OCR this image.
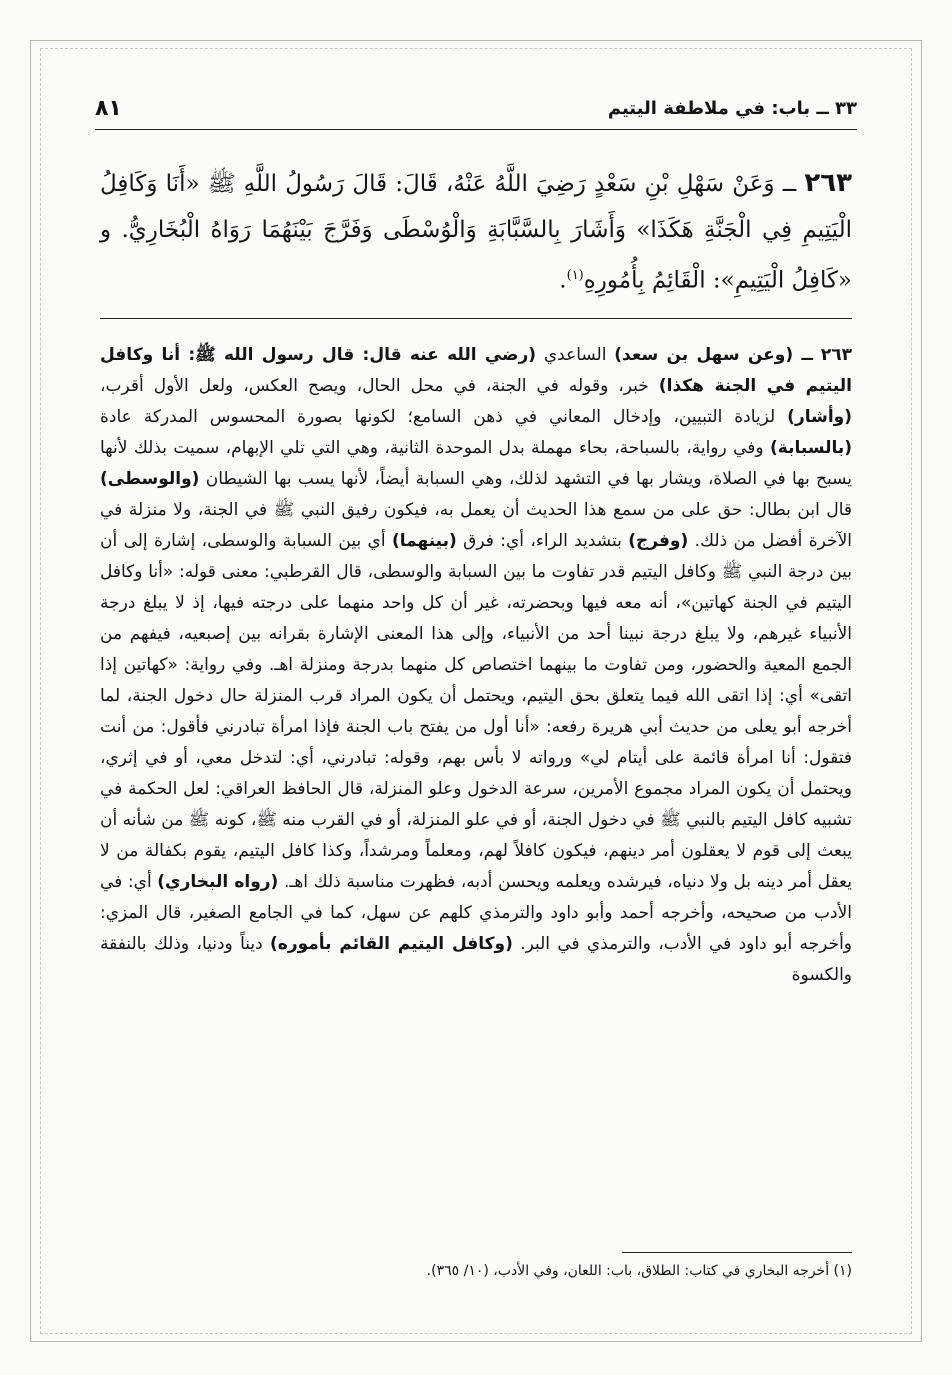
٨١	٣٣ ــ باب: في ملاطفة اليتيم
٢٦٣ ــ وَعَنْ سَهْلِ بْنِ سَعْدٍ رَضِيَ اللَّهُ عَنْهُ، قَالَ: قَالَ رَسُولُ اللَّهِ ﷺ «أَنَا وَكَافِلُ الْيَتِيمِ فِي الْجَنَّةِ هَكَذَا» وَأَشَارَ بِالسَّبَّابَةِ وَالْوُسْطَى وَفَرَّجَ بَيْنَهُمَا رَوَاهُ الْبُخَارِيُّ. و «كَافِلُ الْيَتِيمِ»: الْقَائِمُ بِأُمُورِهِ$^{(١)}$.

٢٦٣ ــ (وعن سهل بن سعد) الساعدي (رضي الله عنه قال: قال رسول الله ﷺ: أنا وكافل اليتيم في الجنة هكذا) خبر، وقوله في الجنة، في محل الحال، ويصح العكس، ولعل الأول أقرب، (وأشار) لزيادة التبيين، وإدخال المعاني في ذهن السامع؛ لكونها بصورة المحسوس المدركة عادة (بالسبابة) وفي رواية، بالسباحة، بحاء مهملة بدل الموحدة الثانية، وهي التي تلي الإبهام، سميت بذلك لأنها يسبح بها في الصلاة، ويشار بها في التشهد لذلك، وهي السبابة أيضاً، لأنها يسب بها الشيطان (والوسطى) قال ابن بطال: حق على من سمع هذا الحديث أن يعمل به، فيكون رفيق النبي ﷺ في الجنة، ولا منزلة في الآخرة أفضل من ذلك. (وفرج) بتشديد الراء، أي: فرق (بينهما) أي بين السبابة والوسطى، إشارة إلى أن بين درجة النبي ﷺ وكافل اليتيم قدر تفاوت ما بين السبابة والوسطى، قال القرطبي: معنى قوله: «أنا وكافل اليتيم في الجنة كهاتين»، أنه معه فيها وبحضرته، غير أن كل واحد منهما على درجته فيها، إذ لا يبلغ درجة الأنبياء غيرهم، ولا يبلغ درجة نبينا أحد من الأنبياء، وإلى هذا المعنى الإشارة بقرانه بين إصبعيه، فيفهم من الجمع المعية والحضور، ومن تفاوت ما بينهما اختصاص كل منهما بدرجة ومنزلة اهـ. وفي رواية: «كهاتين إذا اتقى» أي: إذا اتقى الله فيما يتعلق بحق اليتيم، ويحتمل أن يكون المراد قرب المنزلة حال دخول الجنة، لما أخرجه أبو يعلى من حديث أبي هريرة رفعه: «أنا أول من يفتح باب الجنة فإذا امرأة تبادرني فأقول: من أنت فتقول: أنا امرأة قائمة على أيتام لي» ورواته لا بأس بهم، وقوله: تبادرني، أي: لتدخل معي، أو في إثري، ويحتمل أن يكون المراد مجموع الأمرين، سرعة الدخول وعلو المنزلة، قال الحافظ العراقي: لعل الحكمة في تشبيه كافل اليتيم بالنبي ﷺ في دخول الجنة، أو في علو المنزلة، أو في القرب منه ﷺ، كونه ﷺ من شأنه أن يبعث إلى قوم لا يعقلون أمر دينهم، فيكون كافلاً لهم، ومعلماً ومرشداً، وكذا كافل اليتيم، يقوم بكفالة من لا يعقل أمر دينه بل ولا دنياه، فيرشده ويعلمه ويحسن أدبه، فظهرت مناسبة ذلك اهـ. (رواه البخاري) أي: في الأدب من صحيحه، وأخرجه أحمد وأبو داود والترمذي كلهم عن سهل، كما في الجامع الصغير، قال المزي: وأخرجه أبو داود في الأدب، والترمذي في البر. (وكافل اليتيم القائم بأموره) ديناً ودنيا، وذلك بالنفقة والكسوة

(١) أخرجه البخاري في كتاب: الطلاق، باب: اللعان، وفي الأدب، (١٠/ ٣٦٥).
